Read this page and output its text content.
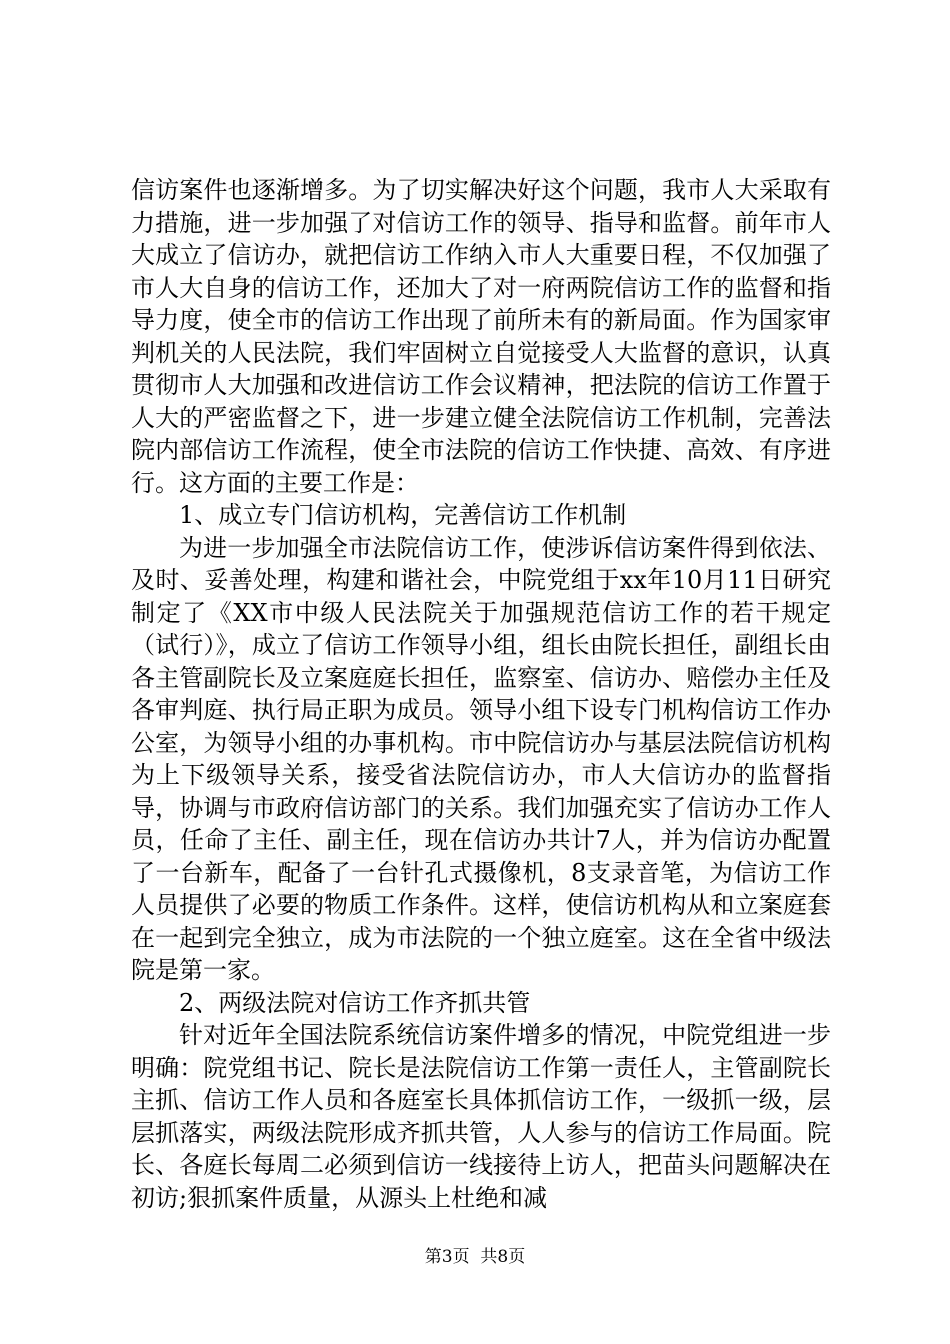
信访案件也逐渐增多。为了切实解决好这个问题，我市人大采取有力措施，进一步加强了对信访工作的领导、指导和监督。前年市人大成立了信访办，就把信访工作纳入市人大重要日程，不仅加强了市人大自身的信访工作，还加大了对一府两院信访工作的监督和指导力度，使全市的信访工作出现了前所未有的新局面。作为国家审判机关的人民法院，我们牢固树立自觉接受人大监督的意识，认真贯彻市人大加强和改进信访工作会议精神，把法院的信访工作置于人大的严密监督之下，进一步建立健全法院信访工作机制，完善法院内部信访工作流程，使全市法院的信访工作快捷、高效、有序进行。这方面的主要工作是：

1、成立专门信访机构，完善信访工作机制

为进一步加强全市法院信访工作，使涉诉信访案件得到依法、及时、妥善处理，构建和谐社会，中院党组于xx年10月11日研究制定了《XX市中级人民法院关于加强规范信访工作的若干规定（试行）》，成立了信访工作领导小组，组长由院长担任，副组长由各主管副院长及立案庭庭长担任，监察室、信访办、赔偿办主任及各审判庭、执行局正职为成员。领导小组下设专门机构信访工作办公室，为领导小组的办事机构。市中院信访办与基层法院信访机构为上下级领导关系，接受省法院信访办，市人大信访办的监督指导，协调与市政府信访部门的关系。我们加强充实了信访办工作人员，任命了主任、副主任，现在信访办共计7人，并为信访办配置了一台新车，配备了一台针孔式摄像机，8支录音笔，为信访工作人员提供了必要的物质工作条件。这样，使信访机构从和立案庭套在一起到完全独立，成为市法院的一个独立庭室。这在全省中级法院是第一家。

2、两级法院对信访工作齐抓共管

针对近年全国法院系统信访案件增多的情况，中院党组进一步明确：院党组书记、院长是法院信访工作第一责任人，主管副院长主抓、信访工作人员和各庭室长具体抓信访工作，一级抓一级，层层抓落实，两级法院形成齐抓共管，人人参与的信访工作局面。院长、各庭长每周二必须到信访一线接待上访人，把苗头问题解决在初访;狠抓案件质量，从源头上杜绝和减

第3页  共8页
